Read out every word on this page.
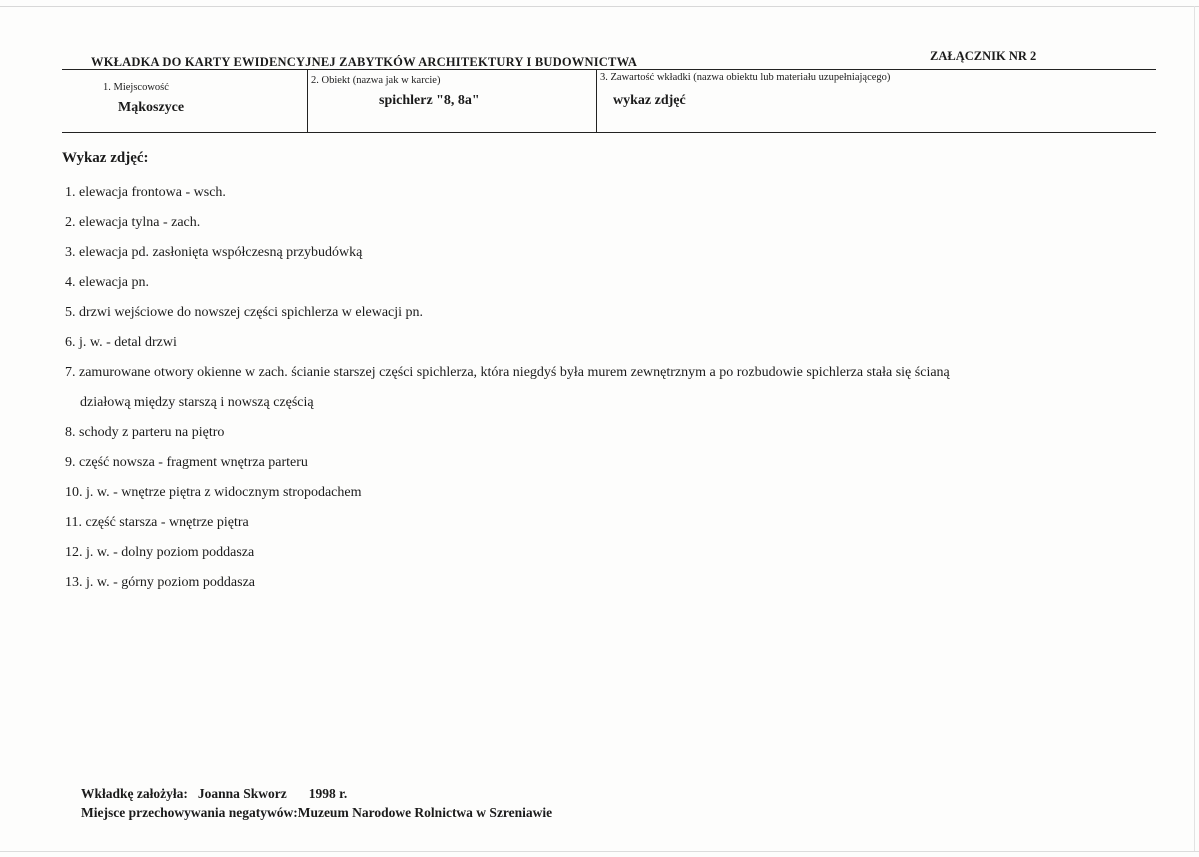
WKŁADKA DO KARTY EWIDENCYJNEJ ZABYTKÓW ARCHITEKTURY I BUDOWNICTWA	ZAŁĄCZNIK NR 2
1. Miejscowość
Mąkoszyce
2. Obiekt (nazwa jak w karcie)
spichlerz "8, 8a"
3. Zawartość wkładki (nazwa obiektu lub materiału uzupełniającego)
wykaz zdjęć
Wykaz zdjęć:
1. elewacja frontowa - wsch.
2. elewacja tylna - zach.
3. elewacja pd. zasłonięta współczesną przybudówką
4. elewacja pn.
5. drzwi wejściowe do nowszej części spichlerza w elewacji pn.
6. j. w. - detal drzwi
7. zamurowane otwory okienne w zach. ścianie starszej części spichlerza, która niegdyś była murem zewnętrznym a po rozbudowie spichlerza stała się ścianą
działową między starszą i nowszą częścią
8. schody z parteru na piętro
9. część nowsza - fragment wnętrza parteru
10. j. w. - wnętrze piętra z widocznym stropodachem
11. część starsza - wnętrze piętra
12. j. w. - dolny poziom poddasza
13. j. w. - górny poziom poddasza
Wkładkę założyła: Joanna Skworz 1998 r.
Miejsce przechowywania negatywów:Muzeum Narodowe Rolnictwa w Szreniawie
